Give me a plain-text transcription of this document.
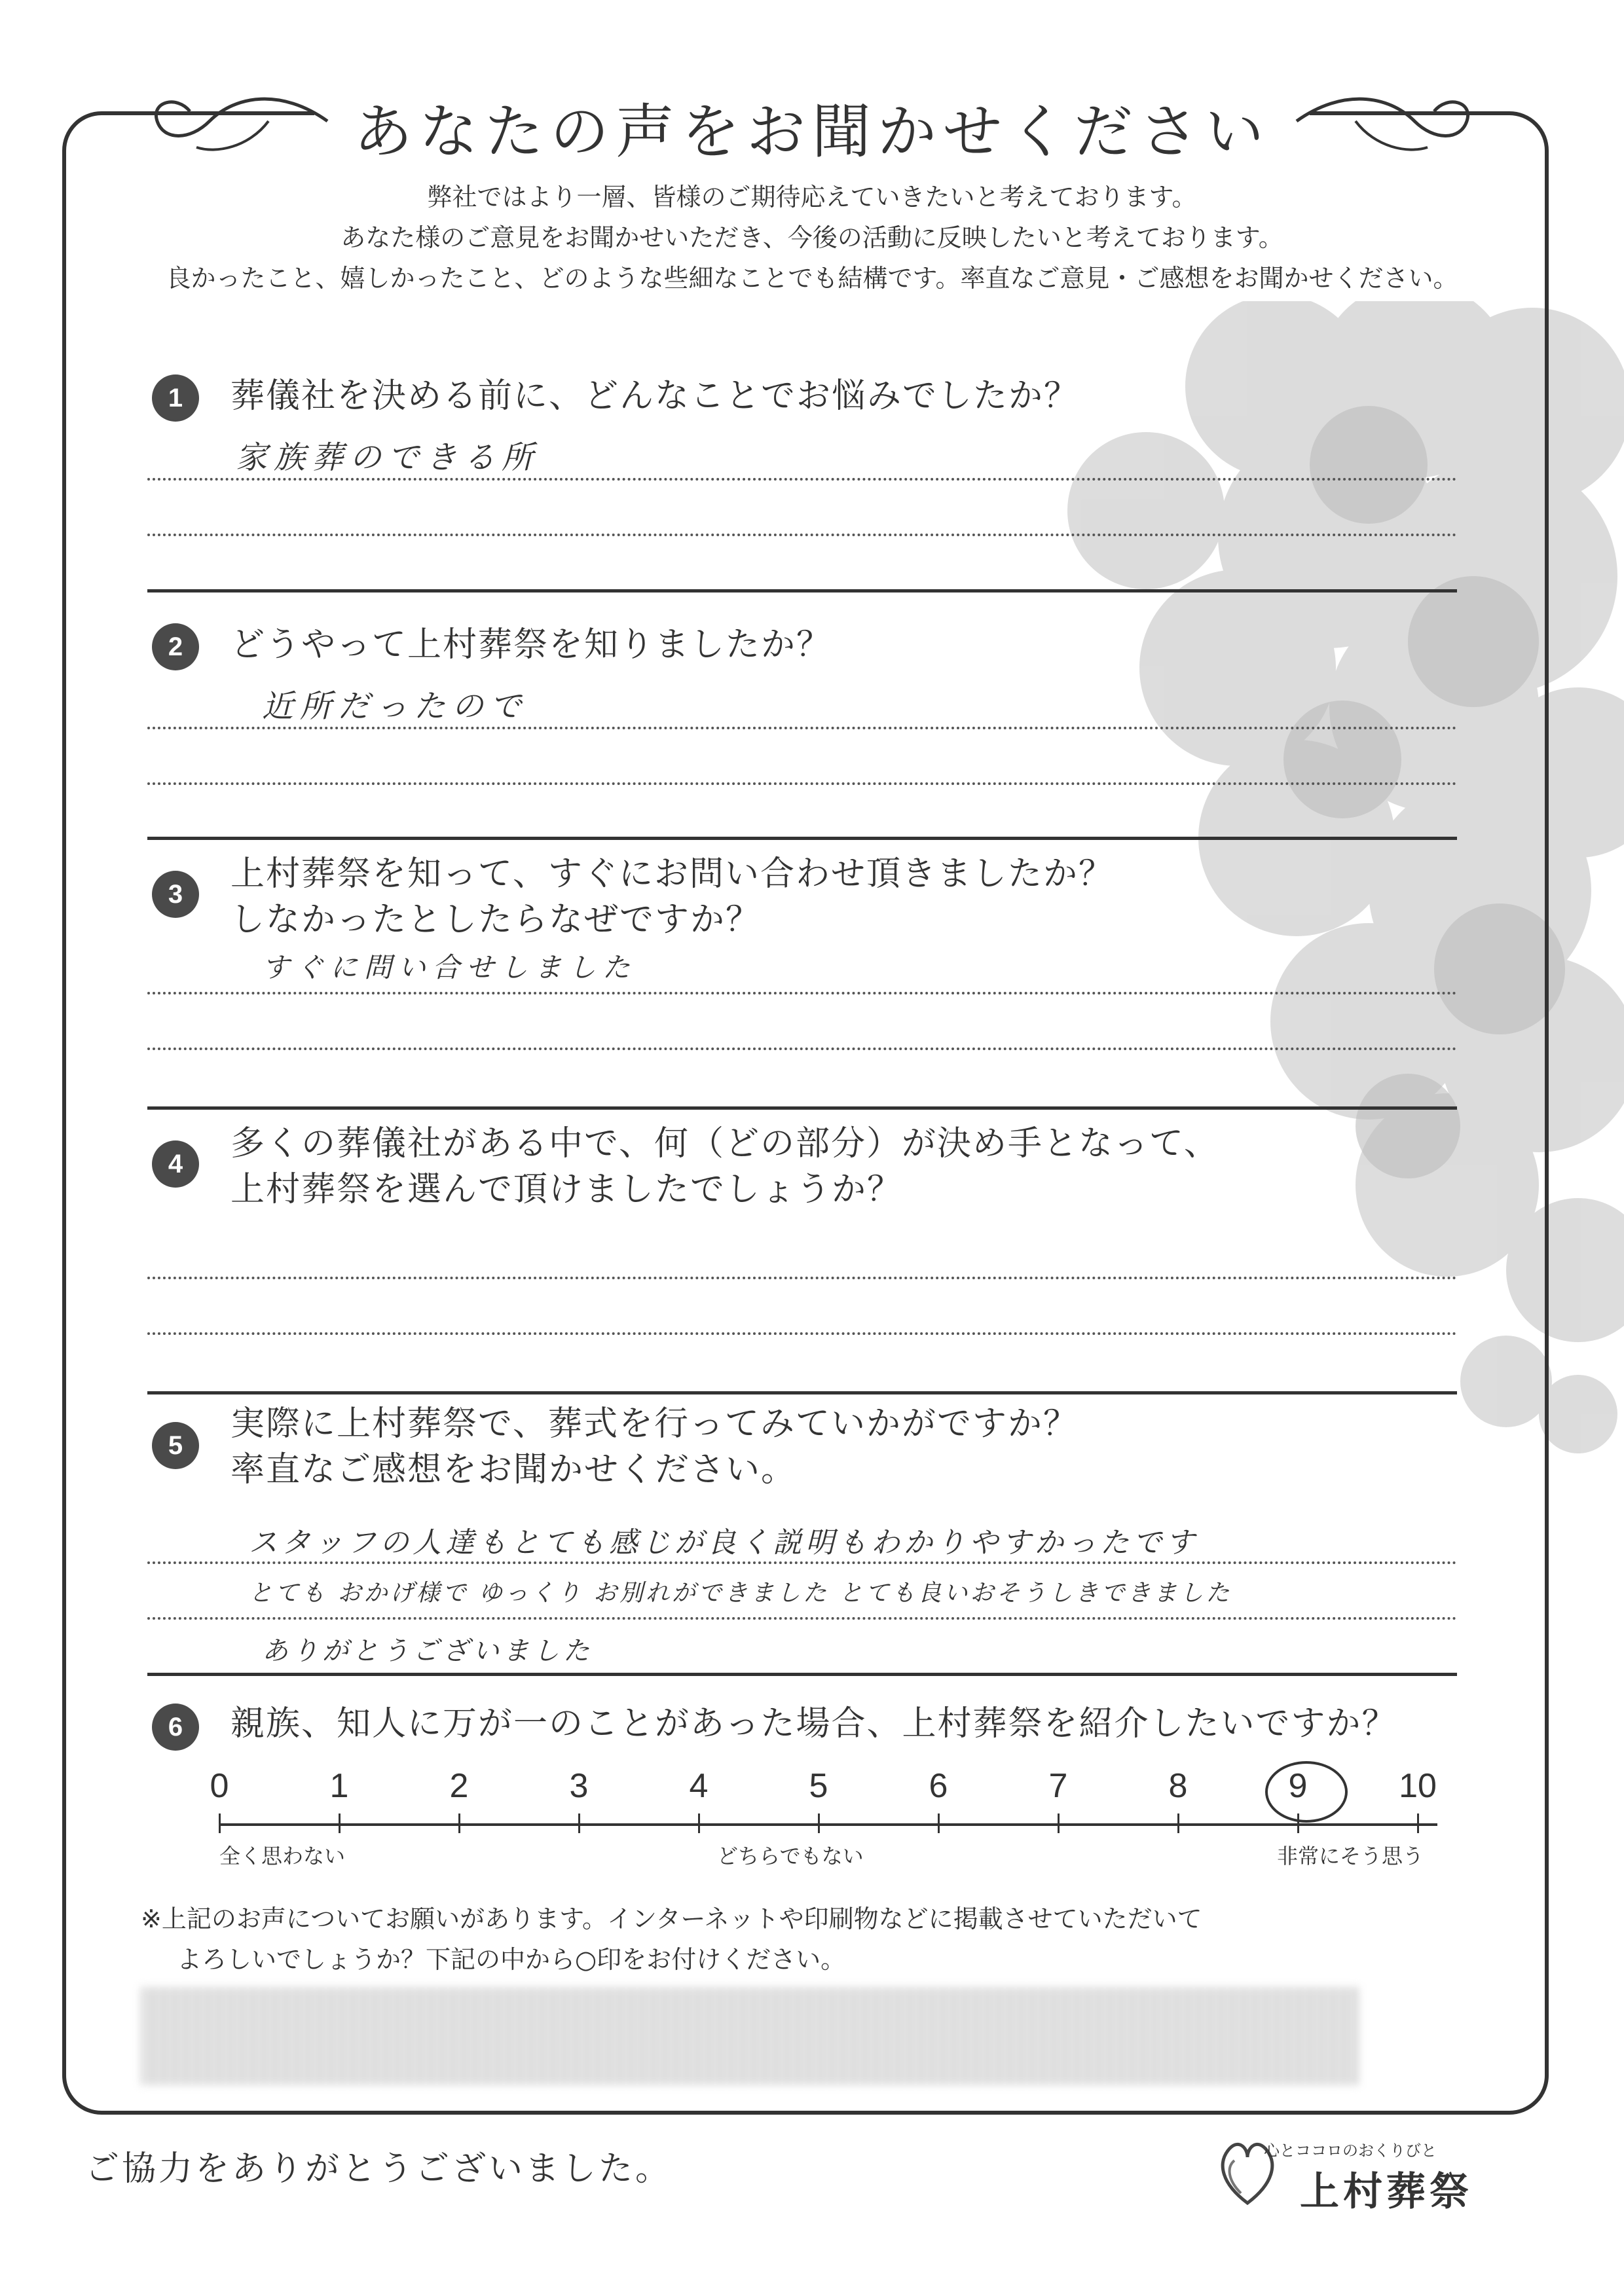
あなたの声をお聞かせください
弊社ではより一層、皆様のご期待応えていきたいと考えております。
あなた様のご意見をお聞かせいただき、今後の活動に反映したいと考えております。
良かったこと、嬉しかったこと、どのような些細なことでも結構です。率直なご意見・ご感想をお聞かせください。
1	葬儀社を決める前に、どんなことでお悩みでしたか？
家族葬のできる所
2	どうやって上村葬祭を知りましたか？
近所だったので
3
上村葬祭を知って、すぐにお問い合わせ頂きましたか？
しなかったとしたらなぜですか？
すぐに問い合せしました
4
多くの葬儀社がある中で、何（どの部分）が決め手となって、
上村葬祭を選んで頂けましたでしょうか？
5
実際に上村葬祭で、葬式を行ってみていかがですか？
率直なご感想をお聞かせください。
スタッフの人達もとても感じが良く説明もわかりやすかったです
とても おかげ様で ゆっくり お別れができました とても良いおそうしきできました
ありがとうございました
6	親族、知人に万が一のことがあった場合、上村葬祭を紹介したいですか？
0	1	2	3	4	5	6	7	8	9	10
全く思わない	どちらでもない	非常にそう思う
※上記のお声についてお願いがあります。インターネットや印刷物などに掲載させていただいて
よろしいでしょうか？下記の中から○印をお付けください。
ご協力をありがとうございました。	心とココロのおくりびと
上村葬祭
